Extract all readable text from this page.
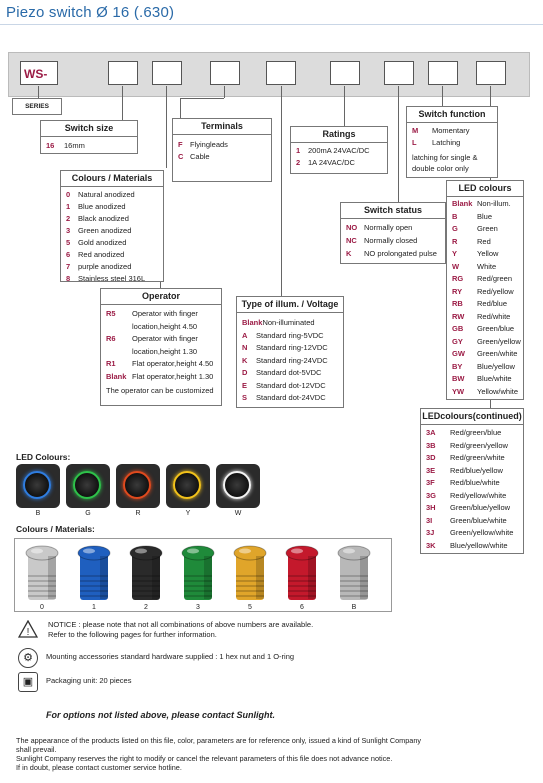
Piezo switch Ø 16 (.630)
WS-
SERIES
Switch size
16	16mm
Colours / Materials
0	Natural anodized
1	Blue anodized
2	Black anodized
3	Green anodized
5	Gold anodized
6	Red anodized
7	purple anodized
8	Stainless steel 316L
Terminals
F Flyingleads
C Cable
Ratings
1	200mA 24VAC/DC
2	1A 24VAC/DC
Switch function
M	Momentary
L	Latching
latching for single &
double color only
Switch status
NO Normally open
NC Normally closed
K	NO prolongated pulse
LED colours
Blank Non-illum.
B	Blue
G	Green
R	Red
Y	Yellow
W	White
RG	Red/green
RY	Red/yellow
RB	Red/blue
RW	Red/white
GB	Green/blue
GY	Green/yellow
GW	Green/white
BY	Blue/yellow
BW	Blue/white
YW	Yellow/white
LEDcolours(continued)
3A	Red/green/blue
3B	Red/green/yellow
3D	Red/green/white
3E	Red/blue/yellow
3F	Red/blue/white
3G	Red/yellow/white
3H	Green/blue/yellow
3I	Green/blue/white
3J	Green/yellow/white
3K	Blue/yellow/white
Operator
R5	Operator with finger
location,height 4.50
R6	Operator with finger
location,height 1.30
R1	Flat operator,height 4.50
Blank Flat operator,height 1.30
The operator can be customized
Type of illum. / Voltage
Blank Non-illuminated
A	Standard ring-5VDC
N	Standard ring-12VDC
K	Standard ring-24VDC
D	Standard dot-5VDC
E	Standard dot-12VDC
S	Standard dot-24VDC
LED Colours:
B	G	R	Y	W
Colours / Materials:
0	1	2	3	5	6	B
!
NOTICE : please note that not all combinations of above numbers are available.
Refer to the following pages for further information.
⚙	Mounting accessories standard hardware supplied : 1 hex nut and 1 O-ring
▣	Packaging unit: 20 pieces
For options not listed above, please contact Sunlight.
The appearance of the products listed on this file, color, parameters are for reference only, issued a kind of Sunlight Company
shall prevail.
Sunlight Company reserves the right to modify or cancel the relevant parameters of this file does not advance notice.
If in doubt, please contact customer service hotline.
